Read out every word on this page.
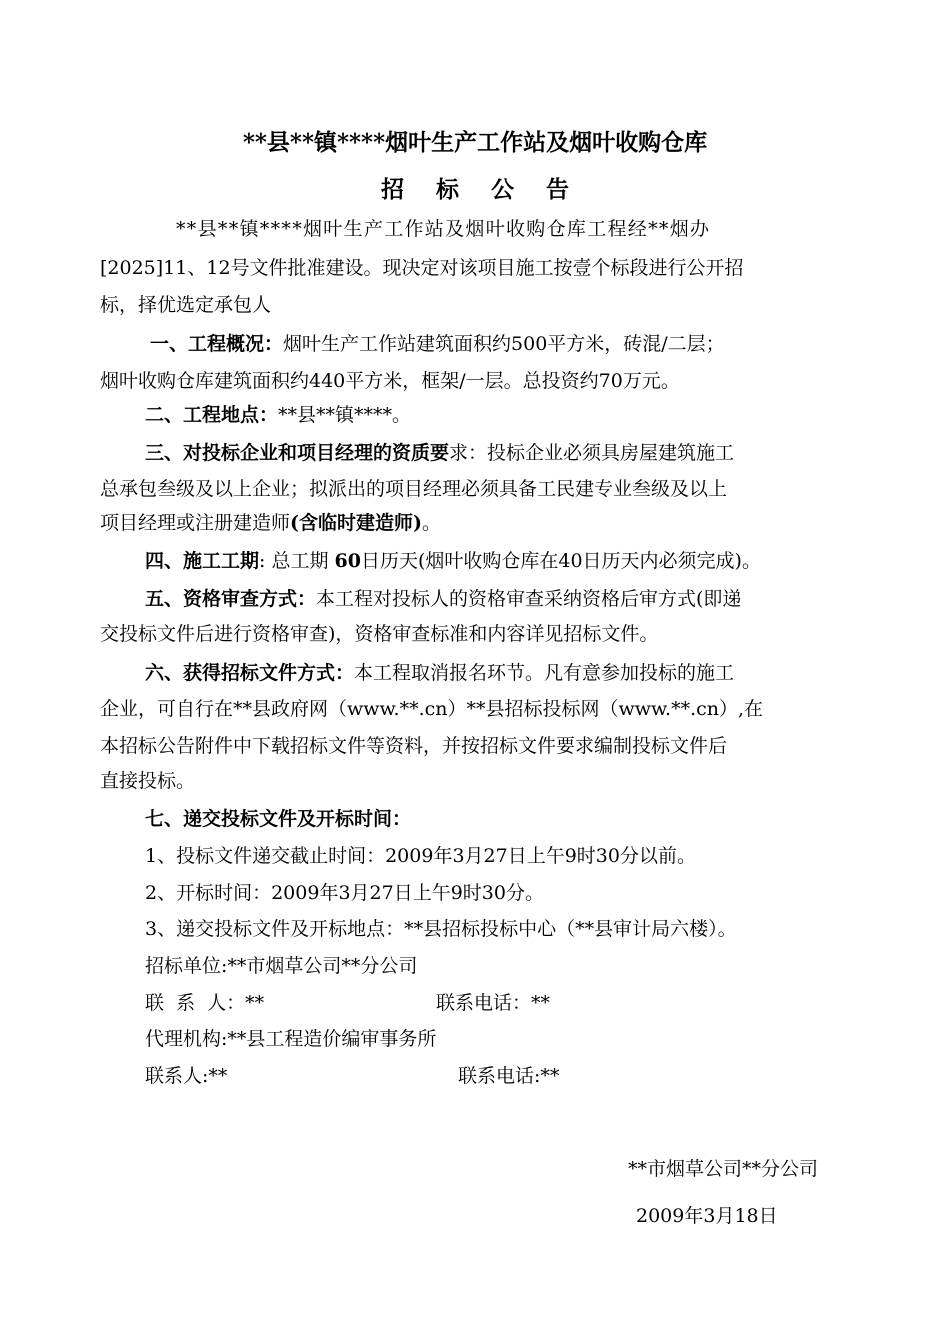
**县**镇****烟叶生产工作站及烟叶收购仓库
招 标 公 告
**县**镇****烟叶生产工作站及烟叶收购仓库工程经**烟办
[2025]11、12号文件批准建设。现决定对该项目施工按壹个标段进行公开招
标，择优选定承包人
一、工程概况：烟叶生产工作站建筑面积约500平方米，砖混/二层；
烟叶收购仓库建筑面积约440平方米，框架/一层。总投资约70万元。
二、工程地点：**县**镇****。
三、对投标企业和项目经理的资质要求：投标企业必须具房屋建筑施工
总承包叁级及以上企业；拟派出的项目经理必须具备工民建专业叁级及以上
项目经理或注册建造师(含临时建造师)。
四、施工工期: 总工期 60日历天(烟叶收购仓库在40日历天内必须完成)。
五、资格审查方式：本工程对投标人的资格审查采纳资格后审方式(即递
交投标文件后进行资格审查)，资格审查标准和内容详见招标文件。
六、获得招标文件方式：本工程取消报名环节。凡有意参加投标的施工
企业，可自行在**县政府网（www.**.cn）**县招标投标网（www.**.cn）,在
本招标公告附件中下载招标文件等资料，并按招标文件要求编制投标文件后
直接投标。
七、递交投标文件及开标时间：
1、投标文件递交截止时间：2009年3月27日上午9时30分以前。
2、开标时间：2009年3月27日上午9时30分。
3、递交投标文件及开标地点：**县招标投标中心（**县审计局六楼）。
招标单位:**市烟草公司**分公司
联  系  人：**	联系电话：**
代理机构:**县工程造价编审事务所
联系人:**	联系电话:**
**市烟草公司**分公司
2009年3月18日
